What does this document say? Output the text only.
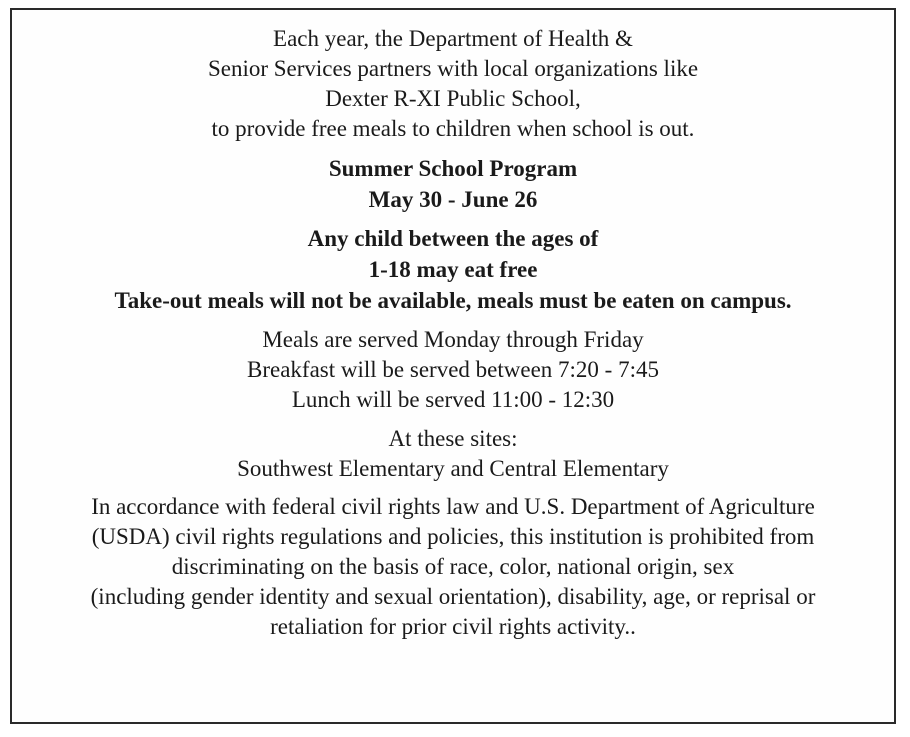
Each year, the Department of Health &
Senior Services partners with local organizations like
Dexter R-XI Public School,
to provide free meals to children when school is out.
Summer School Program
May 30 - June 26
Any child between the ages of
1-18 may eat free
Take-out meals will not be available, meals must be eaten on campus.
Meals are served Monday through Friday
Breakfast will be served between 7:20 - 7:45
Lunch will be served 11:00 - 12:30
At these sites:
Southwest Elementary and Central Elementary
In accordance with federal civil rights law and U.S. Department of Agriculture
(USDA) civil rights regulations and policies, this institution is prohibited from
discriminating on the basis of race, color, national origin, sex
(including gender identity and sexual orientation), disability, age, or reprisal or
retaliation for prior civil rights activity..
